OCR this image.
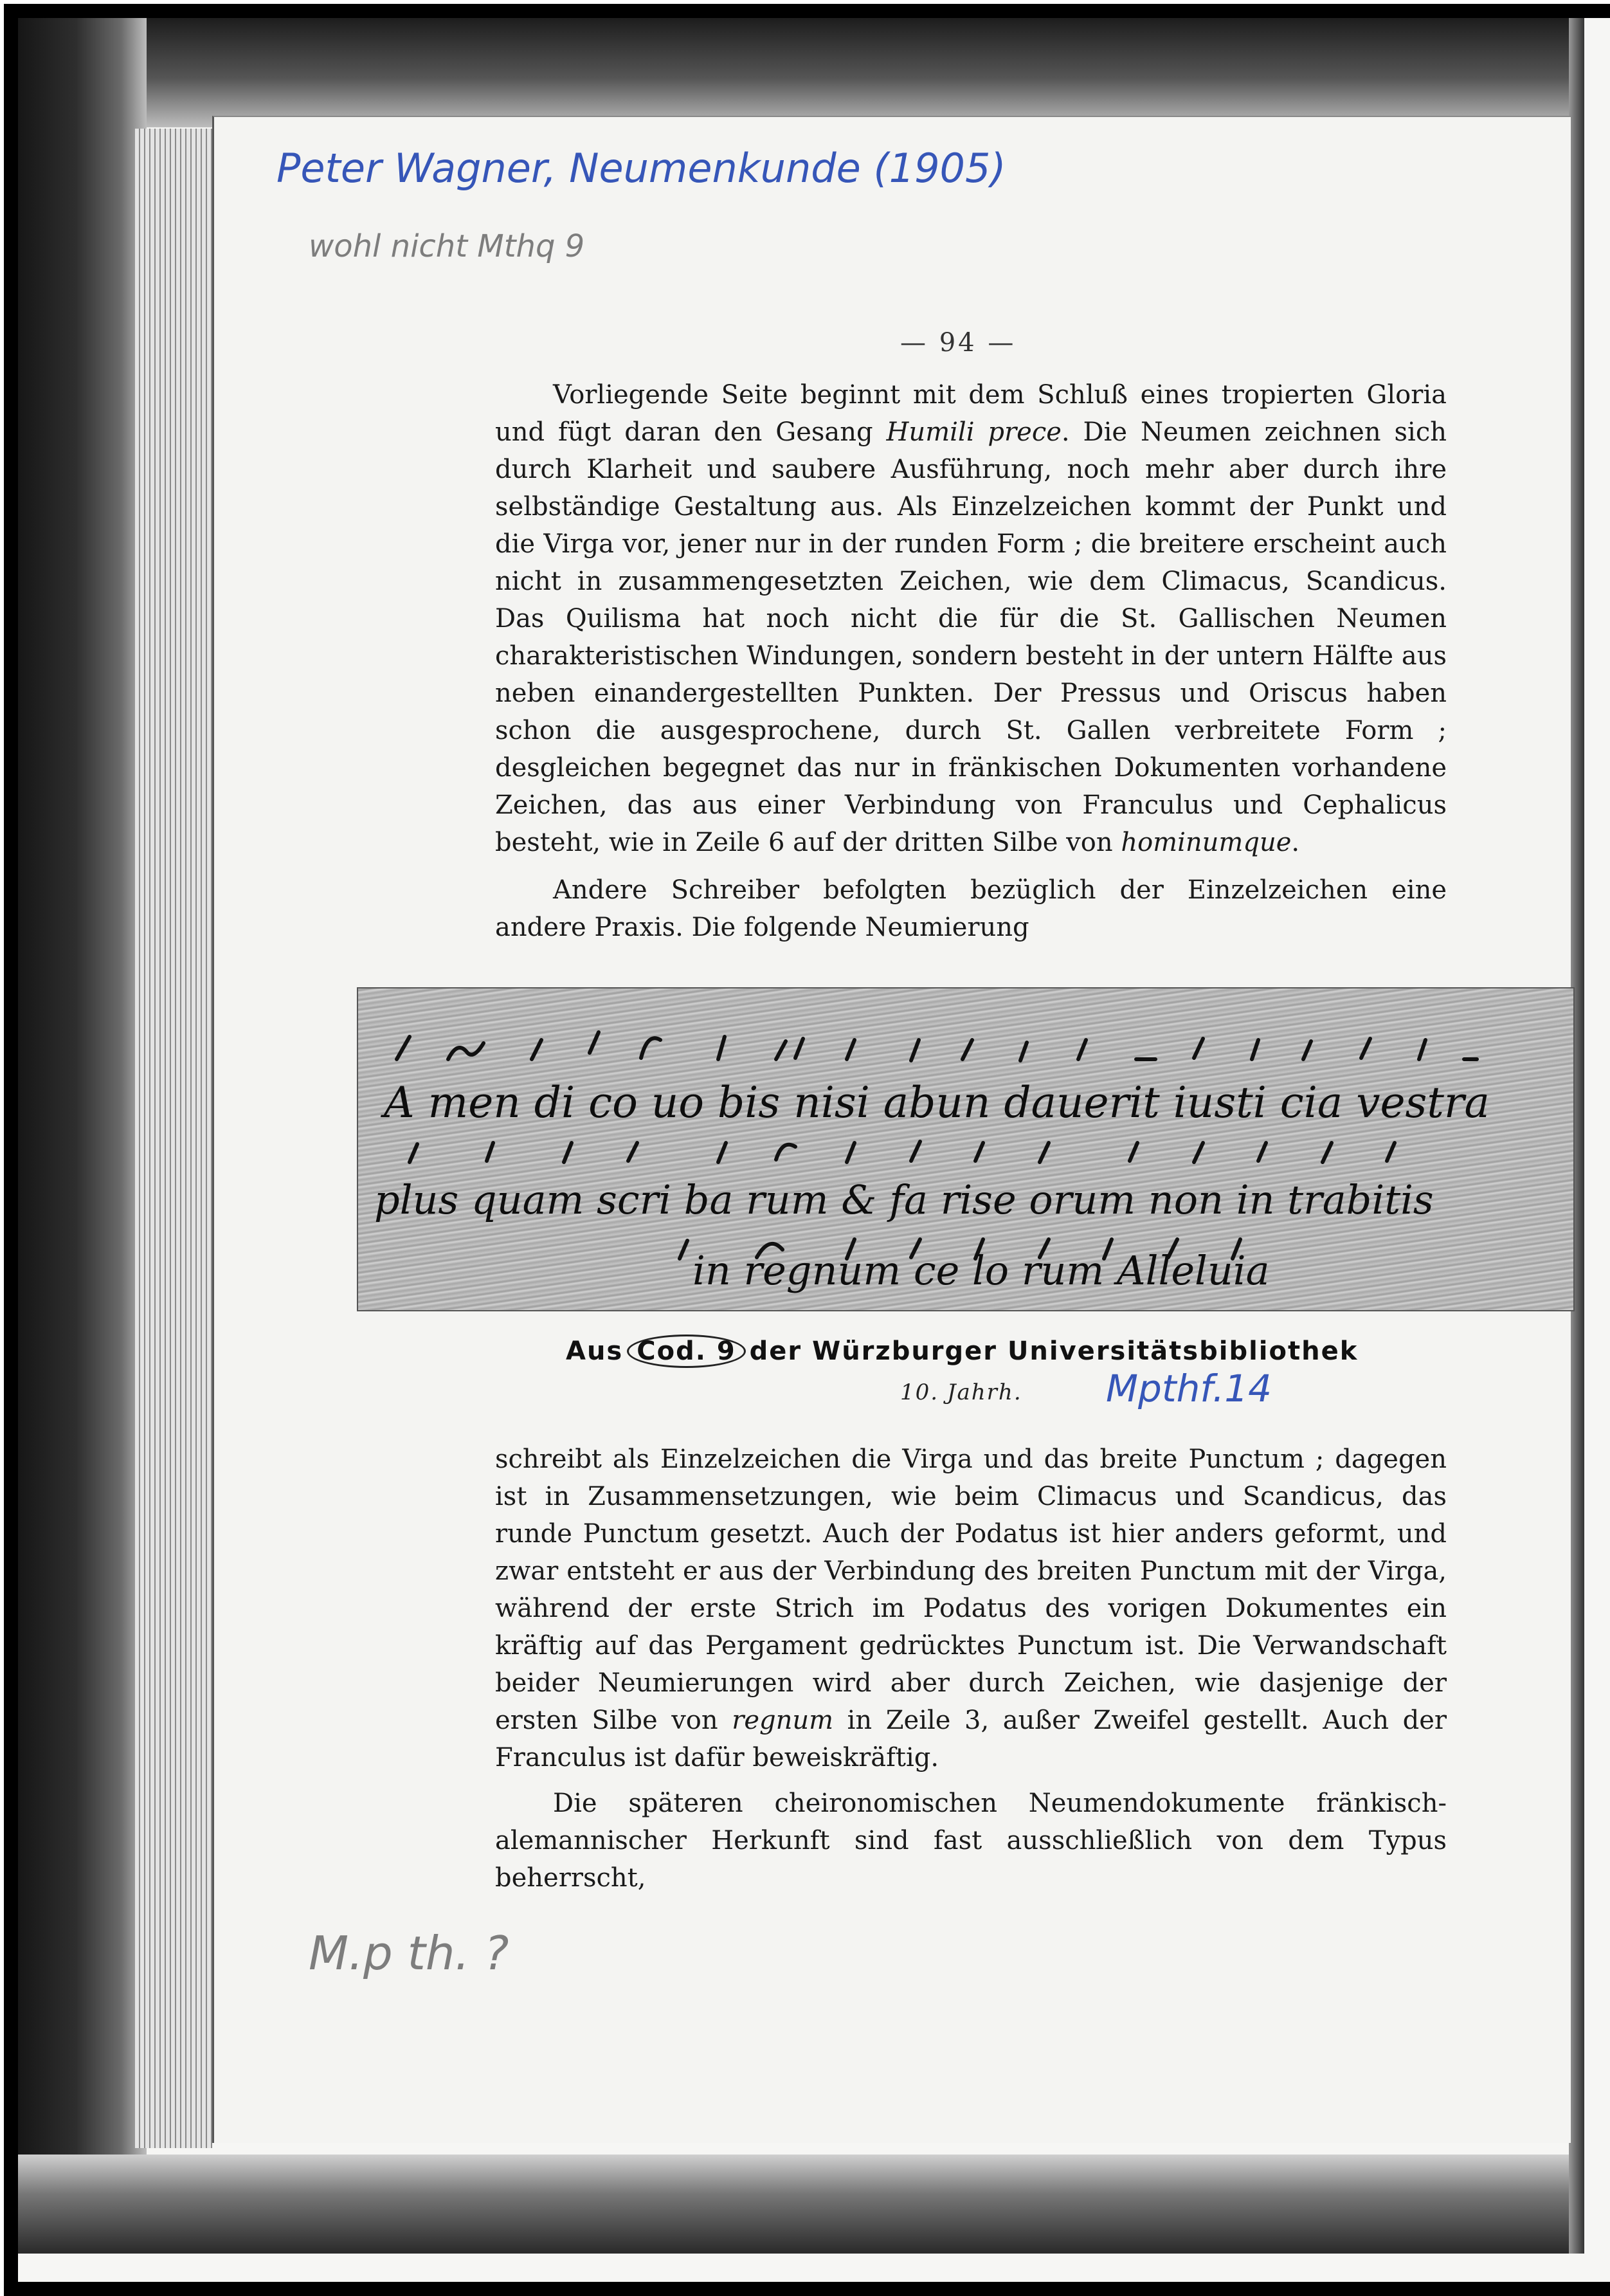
Peter Wagner, Neumenkunde (1905)
wohl nicht Mthq 9
— 94 —

Vorliegende Seite beginnt mit dem Schluß eines tropierten Gloria und fügt daran den Gesang Humili prece. Die Neumen zeichnen sich durch Klarheit und saubere Ausführung, noch mehr aber durch ihre selbständige Gestaltung aus. Als Einzelzeichen kommt der Punkt und die Virga vor, jener nur in der runden Form ; die breitere erscheint auch nicht in zusammengesetzten Zeichen, wie dem Climacus, Scandicus. Das Quilisma hat noch nicht die für die St. Gallischen Neumen charakteristischen Windungen, sondern besteht in der untern Hälfte aus neben einandergestellten Punkten. Der Pressus und Oriscus haben schon die ausgesprochene, durch St. Gallen verbreitete Form ; desgleichen begegnet das nur in fränkischen Dokumenten vorhandene Zeichen, das aus einer Verbindung von Franculus und Cephalicus besteht, wie in Zeile 6 auf der dritten Silbe von hominumque.

Andere Schreiber befolgten bezüglich der Einzelzeichen eine andere Praxis. Die folgende Neumierung

A men di co uo bis nisi abun dauerit iusti cia vestra
plus quam scri ba rum & fa rise orum non in trabitis
in regnum ce lo rum Alleluia
Aus Cod. 9 der Würzburger Universitätsbibliothek
10. Jahrh. Mpthf.14

schreibt als Einzelzeichen die Virga und das breite Punctum ; dagegen ist in Zusammensetzungen, wie beim Climacus und Scandicus, das runde Punctum gesetzt. Auch der Podatus ist hier anders geformt, und zwar entsteht er aus der Verbindung des breiten Punctum mit der Virga, während der erste Strich im Podatus des vorigen Dokumentes ein kräftig auf das Pergament gedrücktes Punctum ist. Die Verwandschaft beider Neumierungen wird aber durch Zeichen, wie dasjenige der ersten Silbe von regnum in Zeile 3, außer Zweifel gestellt. Auch der Franculus ist dafür beweiskräftig.

Die späteren cheironomischen Neumendokumente fränkisch-alemannischer Herkunft sind fast ausschließlich von dem Typus beherrscht,

M.p th. ?
